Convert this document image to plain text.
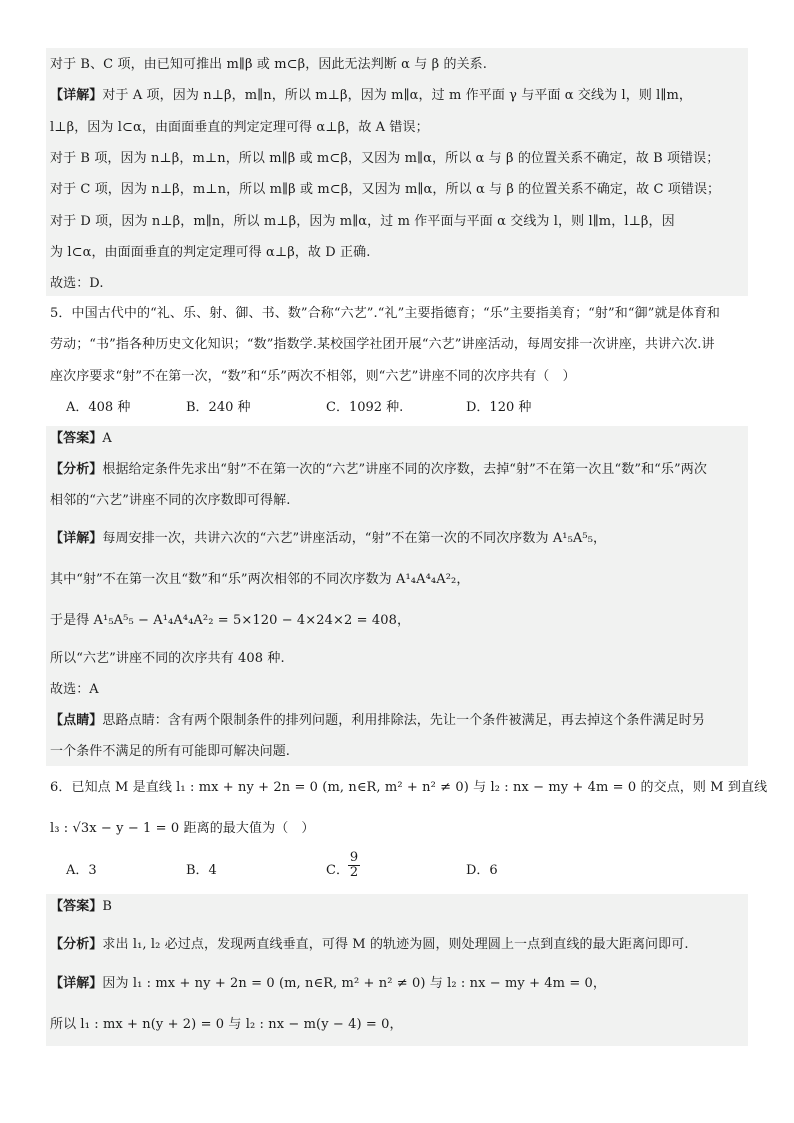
对于 B、C 项，由已知可推出 m∥β 或 m⊂β，因此无法判断 α 与 β 的关系.
【详解】对于 A 项，因为 n⊥β，m∥n，所以 m⊥β，因为 m∥α，过 m 作平面 γ 与平面 α 交线为 l，则 l∥m，
l⊥β，因为 l⊂α，由面面垂直的判定定理可得 α⊥β，故 A 错误；
对于 B 项，因为 n⊥β，m⊥n，所以 m∥β 或 m⊂β，又因为 m∥α，所以 α 与 β 的位置关系不确定，故 B 项错误；
对于 C 项，因为 n⊥β，m⊥n，所以 m∥β 或 m⊂β，又因为 m∥α，所以 α 与 β 的位置关系不确定，故 C 项错误；
对于 D 项，因为 n⊥β，m∥n，所以 m⊥β，因为 m∥α，过 m 作平面与平面 α 交线为 l，则 l∥m，l⊥β，因
为 l⊂α，由面面垂直的判定定理可得 α⊥β，故 D 正确.
故选：D.
5．中国古代中的“礼、乐、射、御、书、数”合称“六艺”.“礼”主要指德育；“乐”主要指美育；“射”和“御”就是体育和
劳动；“书”指各种历史文化知识；“数”指数学.某校国学社团开展“六艺”讲座活动，每周安排一次讲座，共讲六次.讲
座次序要求“射”不在第一次，“数”和“乐”两次不相邻，则“六艺”讲座不同的次序共有（　）
A．408 种	B．240 种	C．1092 种.	D．120 种
【答案】A
【分析】根据给定条件先求出“射”不在第一次的“六艺”讲座不同的次序数，去掉“射”不在第一次且“数”和“乐”两次
相邻的“六艺”讲座不同的次序数即可得解.
【详解】每周安排一次，共讲六次的“六艺”讲座活动，“射”不在第一次的不同次序数为 A¹₅A⁵₅，
其中“射”不在第一次且“数”和“乐”两次相邻的不同次序数为 A¹₄A⁴₄A²₂，
于是得 A¹₅A⁵₅ − A¹₄A⁴₄A²₂ = 5×120 − 4×24×2 = 408，
所以“六艺”讲座不同的次序共有 408 种.
故选：A
【点睛】思路点睛：含有两个限制条件的排列问题，利用排除法，先让一个条件被满足，再去掉这个条件满足时另
一个条件不满足的所有可能即可解决问题.
6．已知点 M 是直线 l₁ : mx + ny + 2n = 0 (m, n∈R, m² + n² ≠ 0) 与 l₂ : nx − my + 4m = 0 的交点，则 M 到直线
l₃ : √3x − y − 1 = 0 距离的最大值为（　）
A．3	B．4	C．
9
2	D．6
【答案】B
【分析】求出 l₁, l₂ 必过点，发现两直线垂直，可得 M 的轨迹为圆，则处理圆上一点到直线的最大距离问即可.
【详解】因为 l₁ : mx + ny + 2n = 0 (m, n∈R, m² + n² ≠ 0) 与 l₂ : nx − my + 4m = 0，
所以 l₁ : mx + n(y + 2) = 0 与 l₂ : nx − m(y − 4) = 0，
